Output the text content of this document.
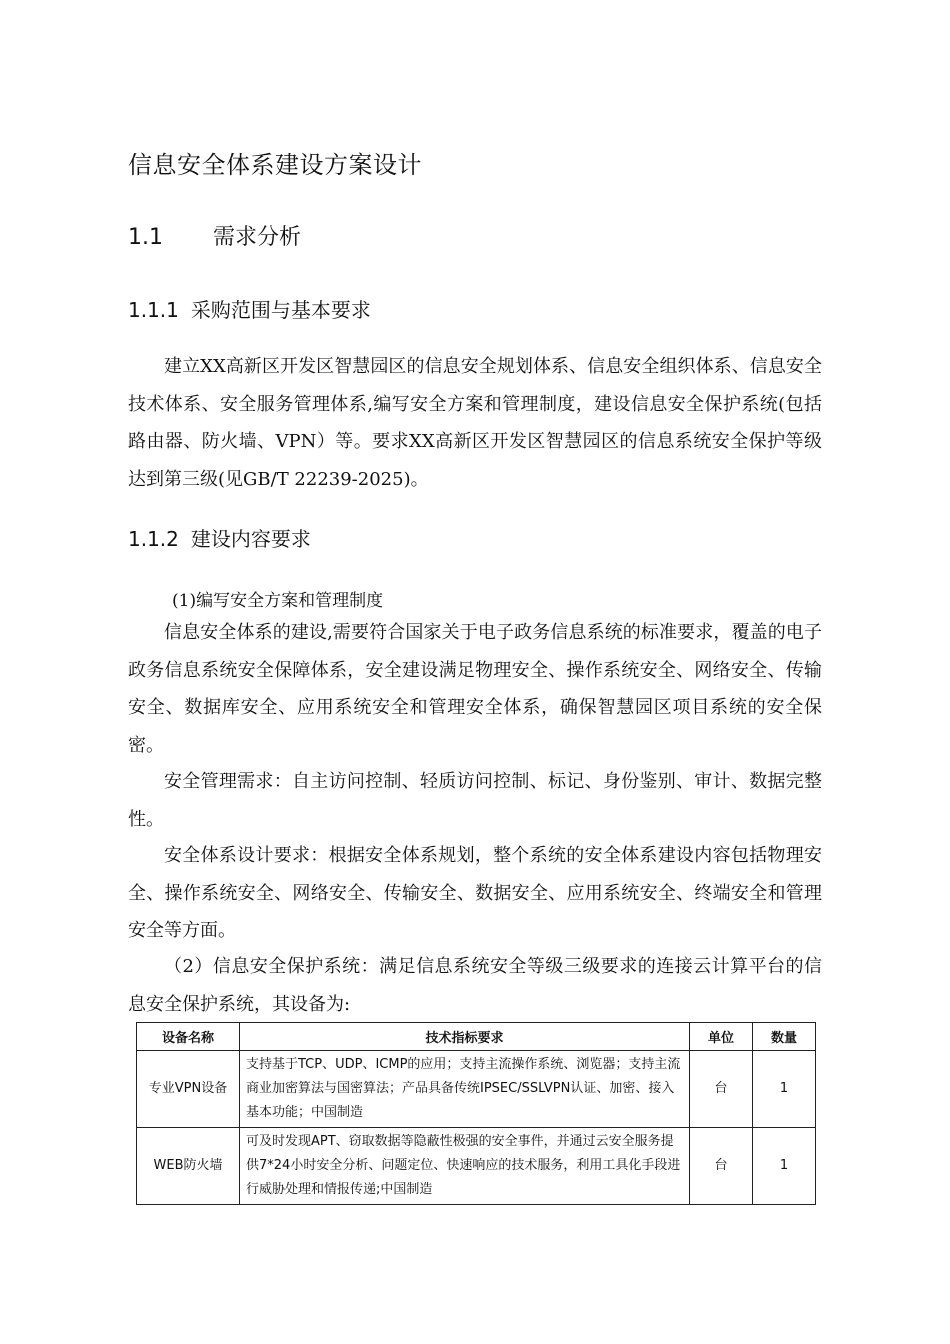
信息安全体系建设方案设计
1.1 需求分析
1.1.1 采购范围与基本要求
建立XX高新区开发区智慧园区的信息安全规划体系、信息安全组织体系、信息安全技术体系、安全服务管理体系,编写安全方案和管理制度，建设信息安全保护系统(包括路由器、防火墙、VPN）等。要求XX高新区开发区智慧园区的信息系统安全保护等级达到第三级(见GB/T 22239-2025)。
1.1.2 建设内容要求
(1)编写安全方案和管理制度
信息安全体系的建设,需要符合国家关于电子政务信息系统的标准要求，覆盖的电子政务信息系统安全保障体系，安全建设满足物理安全、操作系统安全、网络安全、传输安全、数据库安全、应用系统安全和管理安全体系，确保智慧园区项目系统的安全保密。
安全管理需求：自主访问控制、轻质访问控制、标记、身份鉴别、审计、数据完整性。
安全体系设计要求：根据安全体系规划，整个系统的安全体系建设内容包括物理安全、操作系统安全、网络安全、传输安全、数据安全、应用系统安全、终端安全和管理安全等方面。
（2）信息安全保护系统：满足信息系统安全等级三级要求的连接云计算平台的信息安全保护系统，其设备为:
设备名称	技术指标要求	单位	数量
专业VPN设备	支持基于TCP、UDP、ICMP的应用；支持主流操作系统、浏览器；支持主流商业加密算法与国密算法；产品具备传统IPSEC/SSLVPN认证、加密、接入基本功能；中国制造	台	1
WEB防火墙	可及时发现APT、窃取数据等隐蔽性极强的安全事件，并通过云安全服务提供7*24小时安全分析、问题定位、快速响应的技术服务，利用工具化手段进行威胁处理和情报传递;中国制造	台	1
